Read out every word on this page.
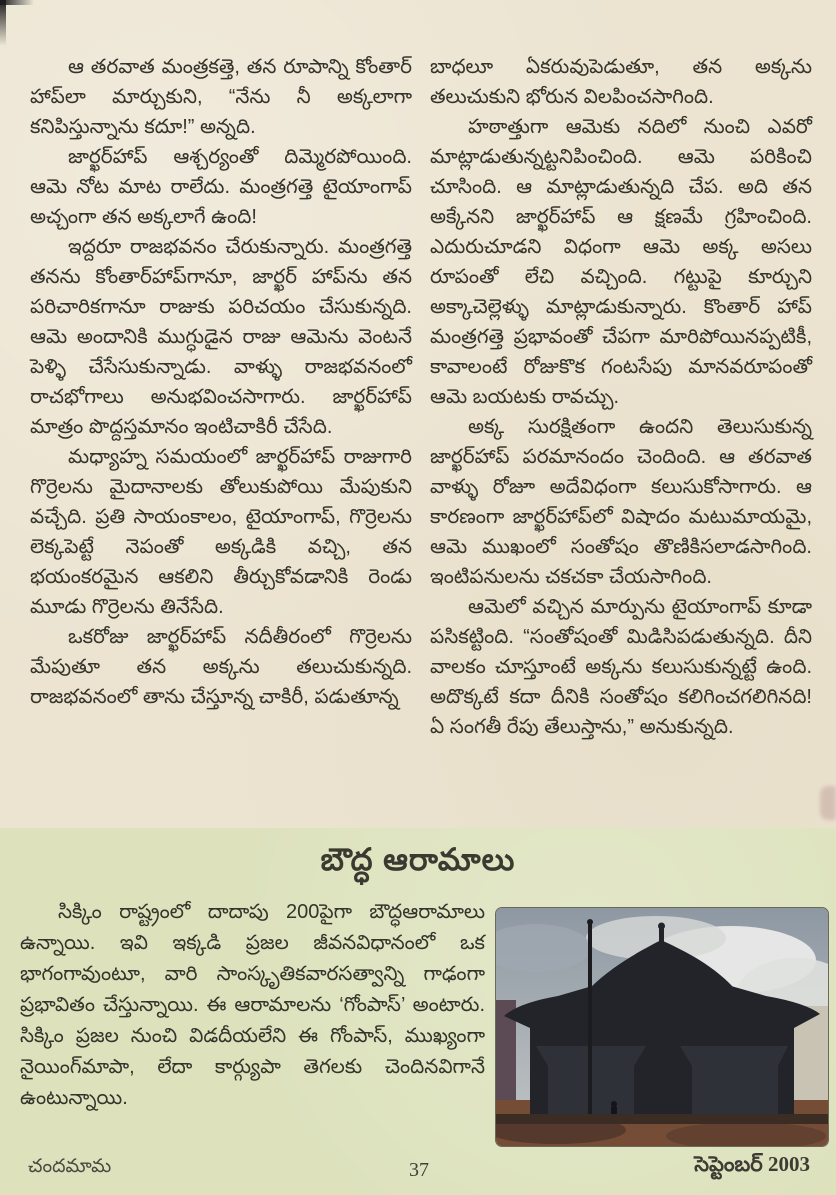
ఆ తరవాత మంత్రకత్తె, తన రూపాన్ని కోంతార్ హాప్‌లా మార్చుకుని, “నేను నీ అక్కలాగా కనిపిస్తున్నాను కదూ!” అన్నది.

జార్ఖర్‌హాప్ ఆశ్చర్యంతో దిమ్మెరపోయింది. ఆమె నోట మాట రాలేదు. మంత్రగత్తె టైయాంగాప్ అచ్చంగా తన అక్కలాగే ఉంది!

ఇద్దరూ రాజభవనం చేరుకున్నారు. మంత్రగత్తె తనను కోంతార్‌హాప్‌గానూ, జార్ఖర్ హాప్‌ను తన పరిచారికగానూ రాజుకు పరిచయం చేసుకున్నది. ఆమె అందానికి ముగ్ధుడైన రాజు ఆమెను వెంటనే పెళ్ళి చేసేసుకున్నాడు. వాళ్ళు రాజభవనంలో రాచభోగాలు అనుభవించసాగారు. జార్ఖర్‌హాప్ మాత్రం పొద్దస్తమానం ఇంటిచాకిరీ చేసేది.

మధ్యాహ్న సమయంలో జార్ఖర్‌హాప్ రాజుగారి గొర్రెలను మైదానాలకు తోలుకుపోయి మేపుకుని వచ్చేది. ప్రతి సాయంకాలం, టైయాంగాప్, గొర్రెలను లెక్కపెట్టే నెపంతో అక్కడికి వచ్చి, తన భయంకరమైన ఆకలిని తీర్చుకోవడానికి రెండు మూడు గొర్రెలను తినేసేది.

ఒకరోజు జార్ఖర్‌హాప్ నదీతీరంలో గొర్రెలను మేపుతూ తన అక్కను తలుచుకున్నది. రాజభవనంలో తాను చేస్తూన్న చాకిరీ, పడుతూన్న

బాధలూ ఏకరువుపెడుతూ, తన అక్కను తలుచుకుని భోరున విలపించసాగింది.

హఠాత్తుగా ఆమెకు నదిలో నుంచి ఎవరో మాట్లాడుతున్నట్టనిపించింది. ఆమె పరికించి చూసింది. ఆ మాట్లాడుతున్నది చేప. అది తన అక్కేనని జార్ఖర్‌హాప్ ఆ క్షణమే గ్రహించింది. ఎదురుచూడని విధంగా ఆమె అక్క అసలు రూపంతో లేచి వచ్చింది. గట్టుపై కూర్చుని అక్కాచెల్లెళ్ళు మాట్లాడుకున్నారు. కొంతార్ హాప్ మంత్రగత్తె ప్రభావంతో చేపగా మారిపోయినప్పటికీ, కావాలంటే రోజుకొక గంటసేపు మానవరూపంతో ఆమె బయటకు రావచ్చు.

అక్క సురక్షితంగా ఉందని తెలుసుకున్న జార్ఖర్‌హాప్ పరమానందం చెందింది. ఆ తరవాత వాళ్ళు రోజూ అదేవిధంగా కలుసుకోసాగారు. ఆ కారణంగా జార్ఖర్‌హాప్‌లో విషాదం మటుమాయమై, ఆమె ముఖంలో సంతోషం తొణికిసలాడసాగింది. ఇంటిపనులను చకచకా చేయసాగింది.

ఆమెలో వచ్చిన మార్పును టైయాంగాప్ కూడా పసికట్టింది. “సంతోషంతో మిడిసిపడుతున్నది. దీని వాలకం చూస్తూంటే అక్కను కలుసుకున్నట్టే ఉంది. అదొక్కటే కదా దీనికి సంతోషం కలిగించగలిగినది! ఏ సంగతీ రేపు తేలుస్తాను,” అనుకున్నది.

బౌద్ధ ఆరామాలు

సిక్కిం రాష్ట్రంలో దాదాపు 200పైగా బౌద్ధఆరామాలు ఉన్నాయి. ఇవి ఇక్కడి ప్రజల జీవనవిధానంలో ఒక భాగంగావుంటూ, వారి సాంస్కృతికవారసత్వాన్ని గాఢంగా ప్రభావితం చేస్తున్నాయి. ఈ ఆరామాలను ‘గోంపాస్’ అంటారు. సిక్కిం ప్రజల నుంచి విడదీయలేని ఈ గోంపాస్, ముఖ్యంగా నైయింగ్‌మాపా, లేదా కార్గ్యుపా తెగలకు చెందినవిగానే ఉంటున్నాయి.

చందమామ	37	సెప్టెంబర్ 2003
